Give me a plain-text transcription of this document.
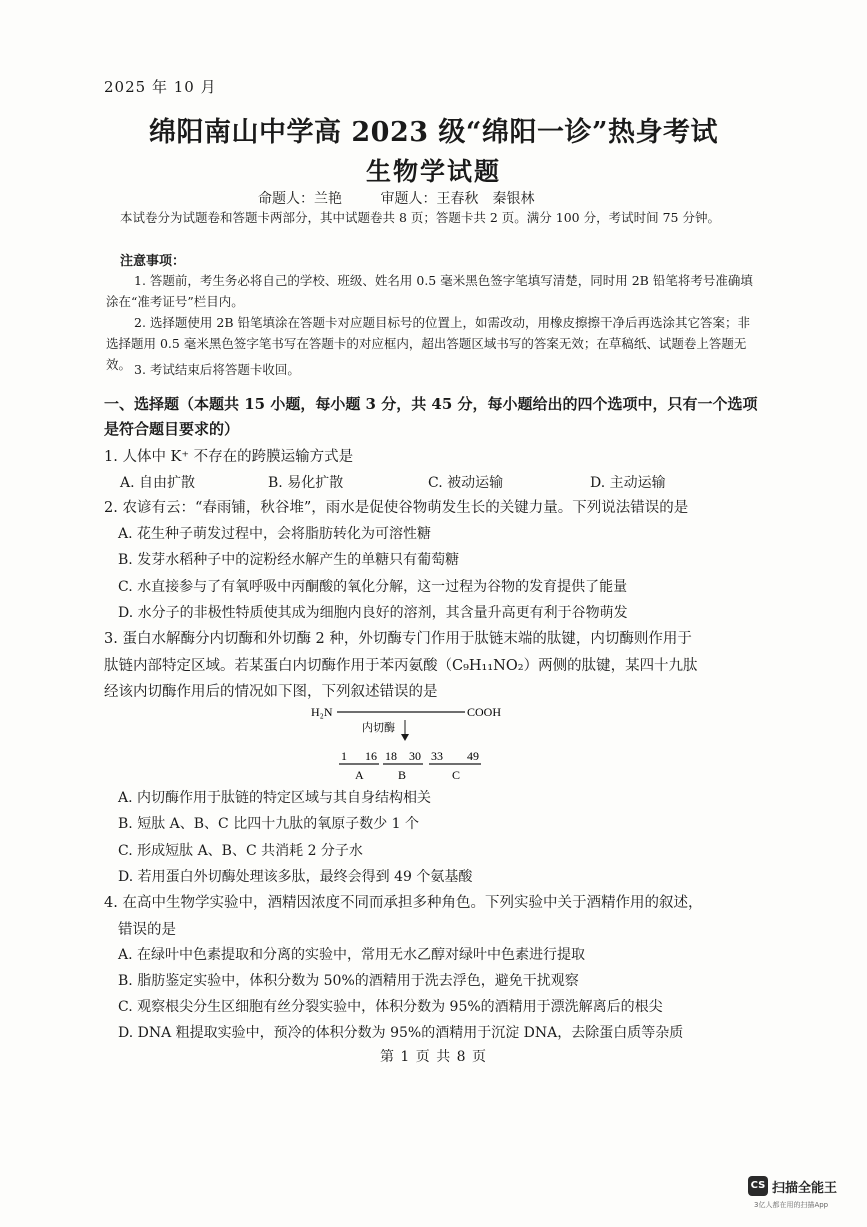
2025 年 10 月
绵阳南山中学高 2023 级“绵阳一诊”热身考试
生物学试题
命题人：兰艳	审题人：王春秋　秦银林
本试卷分为试题卷和答题卡两部分，其中试题卷共 8 页；答题卡共 2 页。满分 100 分，考试时间 75 分钟。
注意事项：
1. 答题前，考生务必将自己的学校、班级、姓名用 0.5 毫米黑色签字笔填写清楚，同时用 2B 铅笔将考号准确填涂在“准考证号”栏目内。
2. 选择题使用 2B 铅笔填涂在答题卡对应题目标号的位置上，如需改动，用橡皮擦擦干净后再选涂其它答案；非选择题用 0.5 毫米黑色签字笔书写在答题卡的对应框内，超出答题区域书写的答案无效；在草稿纸、试题卷上答题无效。 3. 考试结束后将答题卡收回。
一、选择题（本题共 15 小题，每小题 3 分，共 45 分，每小题给出的四个选项中，只有一个选项是符合题目要求的）
1. 人体中 K⁺ 不存在的跨膜运输方式是
A. 自由扩散	B. 易化扩散	C. 被动运输	D. 主动运输
2. 农谚有云：“春雨铺，秋谷堆”，雨水是促使谷物萌发生长的关键力量。下列说法错误的是
A. 花生种子萌发过程中，会将脂肪转化为可溶性糖
B. 发芽水稻种子中的淀粉经水解产生的单糖只有葡萄糖
C. 水直接参与了有氧呼吸中丙酮酸的氧化分解，这一过程为谷物的发育提供了能量
D. 水分子的非极性特质使其成为细胞内良好的溶剂，其含量升高更有利于谷物萌发
3. 蛋白水解酶分内切酶和外切酶 2 种，外切酶专门作用于肽链末端的肽键，内切酶则作用于
肽链内部特定区域。若某蛋白内切酶作用于苯丙氨酸（C₉H₁₁NO₂）两侧的肽键，某四十九肽
经该内切酶作用后的情况如下图，下列叙述错误的是
H₂N	COOH
内切酶
1 16 18 30 33 49
A	B	C
A. 内切酶作用于肽链的特定区域与其自身结构相关
B. 短肽 A、B、C 比四十九肽的氧原子数少 1 个
C. 形成短肽 A、B、C 共消耗 2 分子水
D. 若用蛋白外切酶处理该多肽，最终会得到 49 个氨基酸
4. 在高中生物学实验中，酒精因浓度不同而承担多种角色。下列实验中关于酒精作用的叙述，
错误的是
A. 在绿叶中色素提取和分离的实验中，常用无水乙醇对绿叶中色素进行提取
B. 脂肪鉴定实验中，体积分数为 50%的酒精用于洗去浮色，避免干扰观察
C. 观察根尖分生区细胞有丝分裂实验中，体积分数为 95%的酒精用于漂洗解离后的根尖
D. DNA 粗提取实验中，预冷的体积分数为 95%的酒精用于沉淀 DNA，去除蛋白质等杂质
第 1 页 共 8 页
CS 扫描全能王
3亿人都在用的扫描App
